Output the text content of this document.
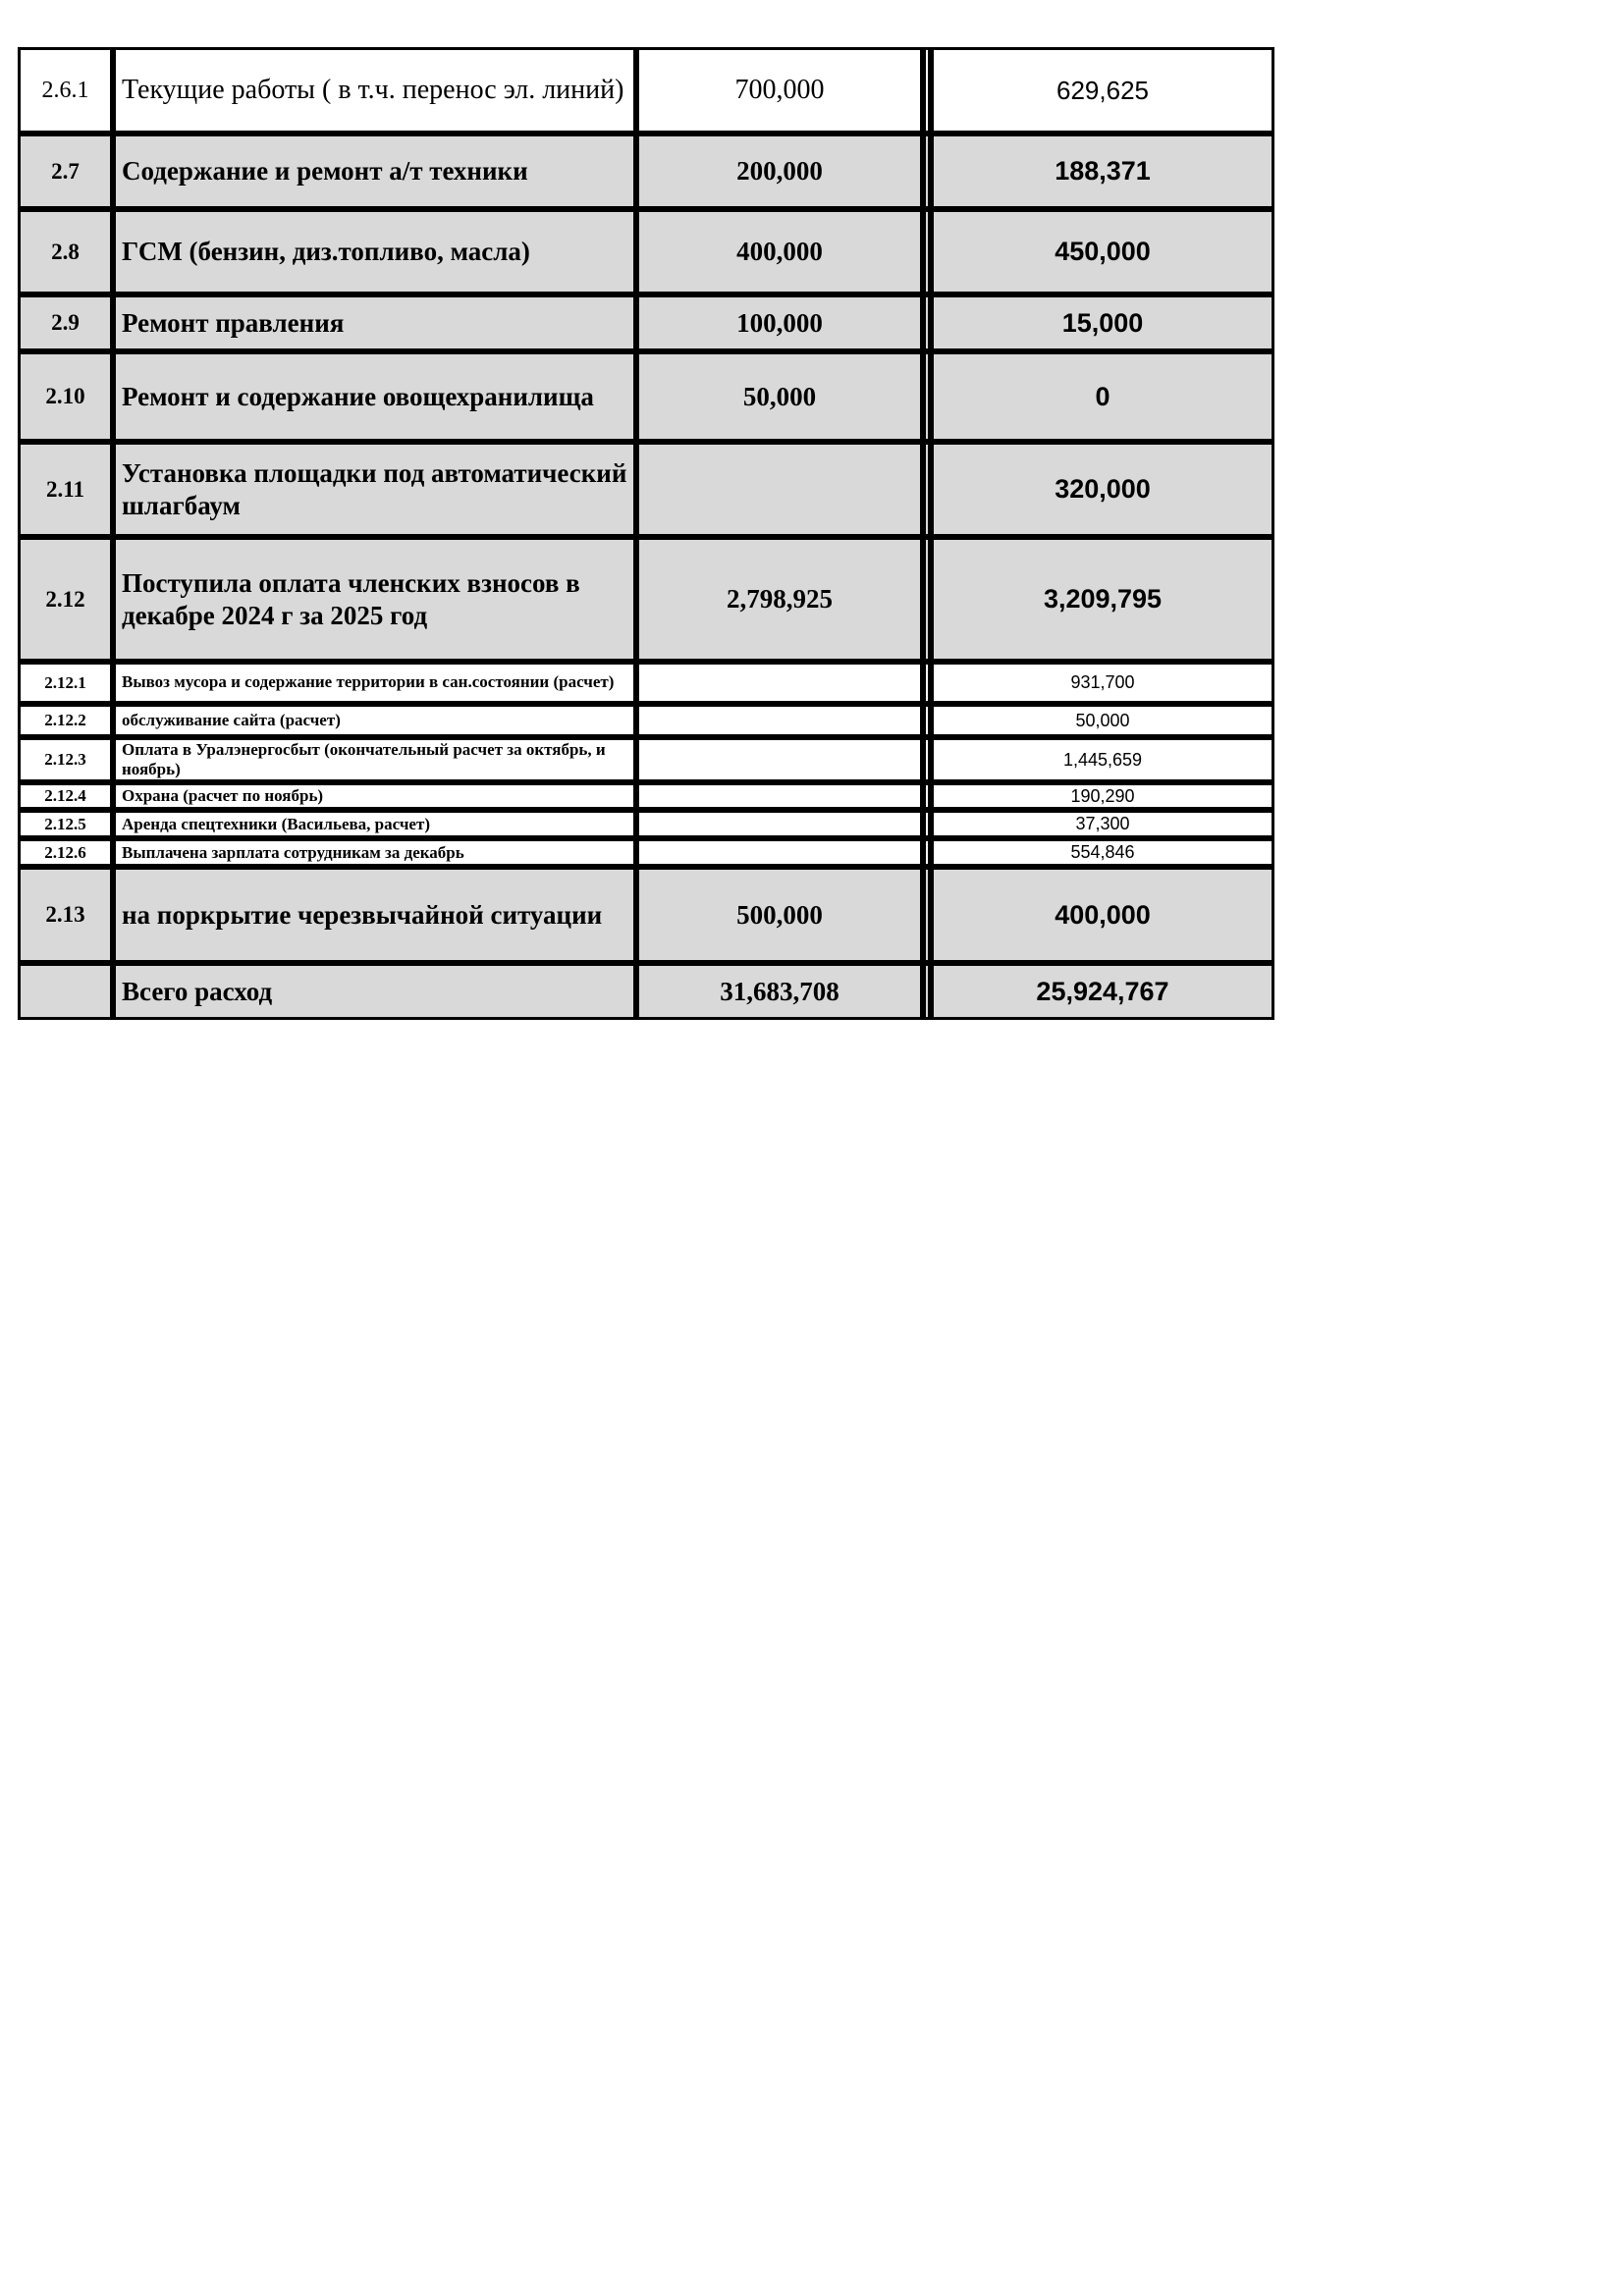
2.6.1	Текущие работы ( в т.ч. перенос эл. линий)	700,000		629,625
2.7	Содержание и ремонт а/т техники	200,000		188,371
2.8	ГСМ (бензин, диз.топливо, масла)	400,000		450,000
2.9	Ремонт правления	100,000		15,000
2.10	Ремонт и содержание овощехранилища	50,000		0
2.11	Установка площадки под автоматический шлагбаум			320,000
2.12	Поступила оплата членских взносов в декабре 2024 г за 2025 год	2,798,925		3,209,795
2.12.1	Вывоз мусора и содержание территории в сан.состоянии (расчет)			931,700
2.12.2	обслуживание сайта (расчет)			50,000
2.12.3	Оплата в Уралэнергосбыт (окончательный расчет за октябрь, и ноябрь)			1,445,659
2.12.4	Охрана (расчет по ноябрь)			190,290
2.12.5	Аренда спецтехники (Васильева, расчет)			37,300
2.12.6	Выплачена зарплата сотрудникам за декабрь			554,846
2.13	на поркрытие черезвычайной ситуации	500,000		400,000
	Всего расход	31,683,708		25,924,767
